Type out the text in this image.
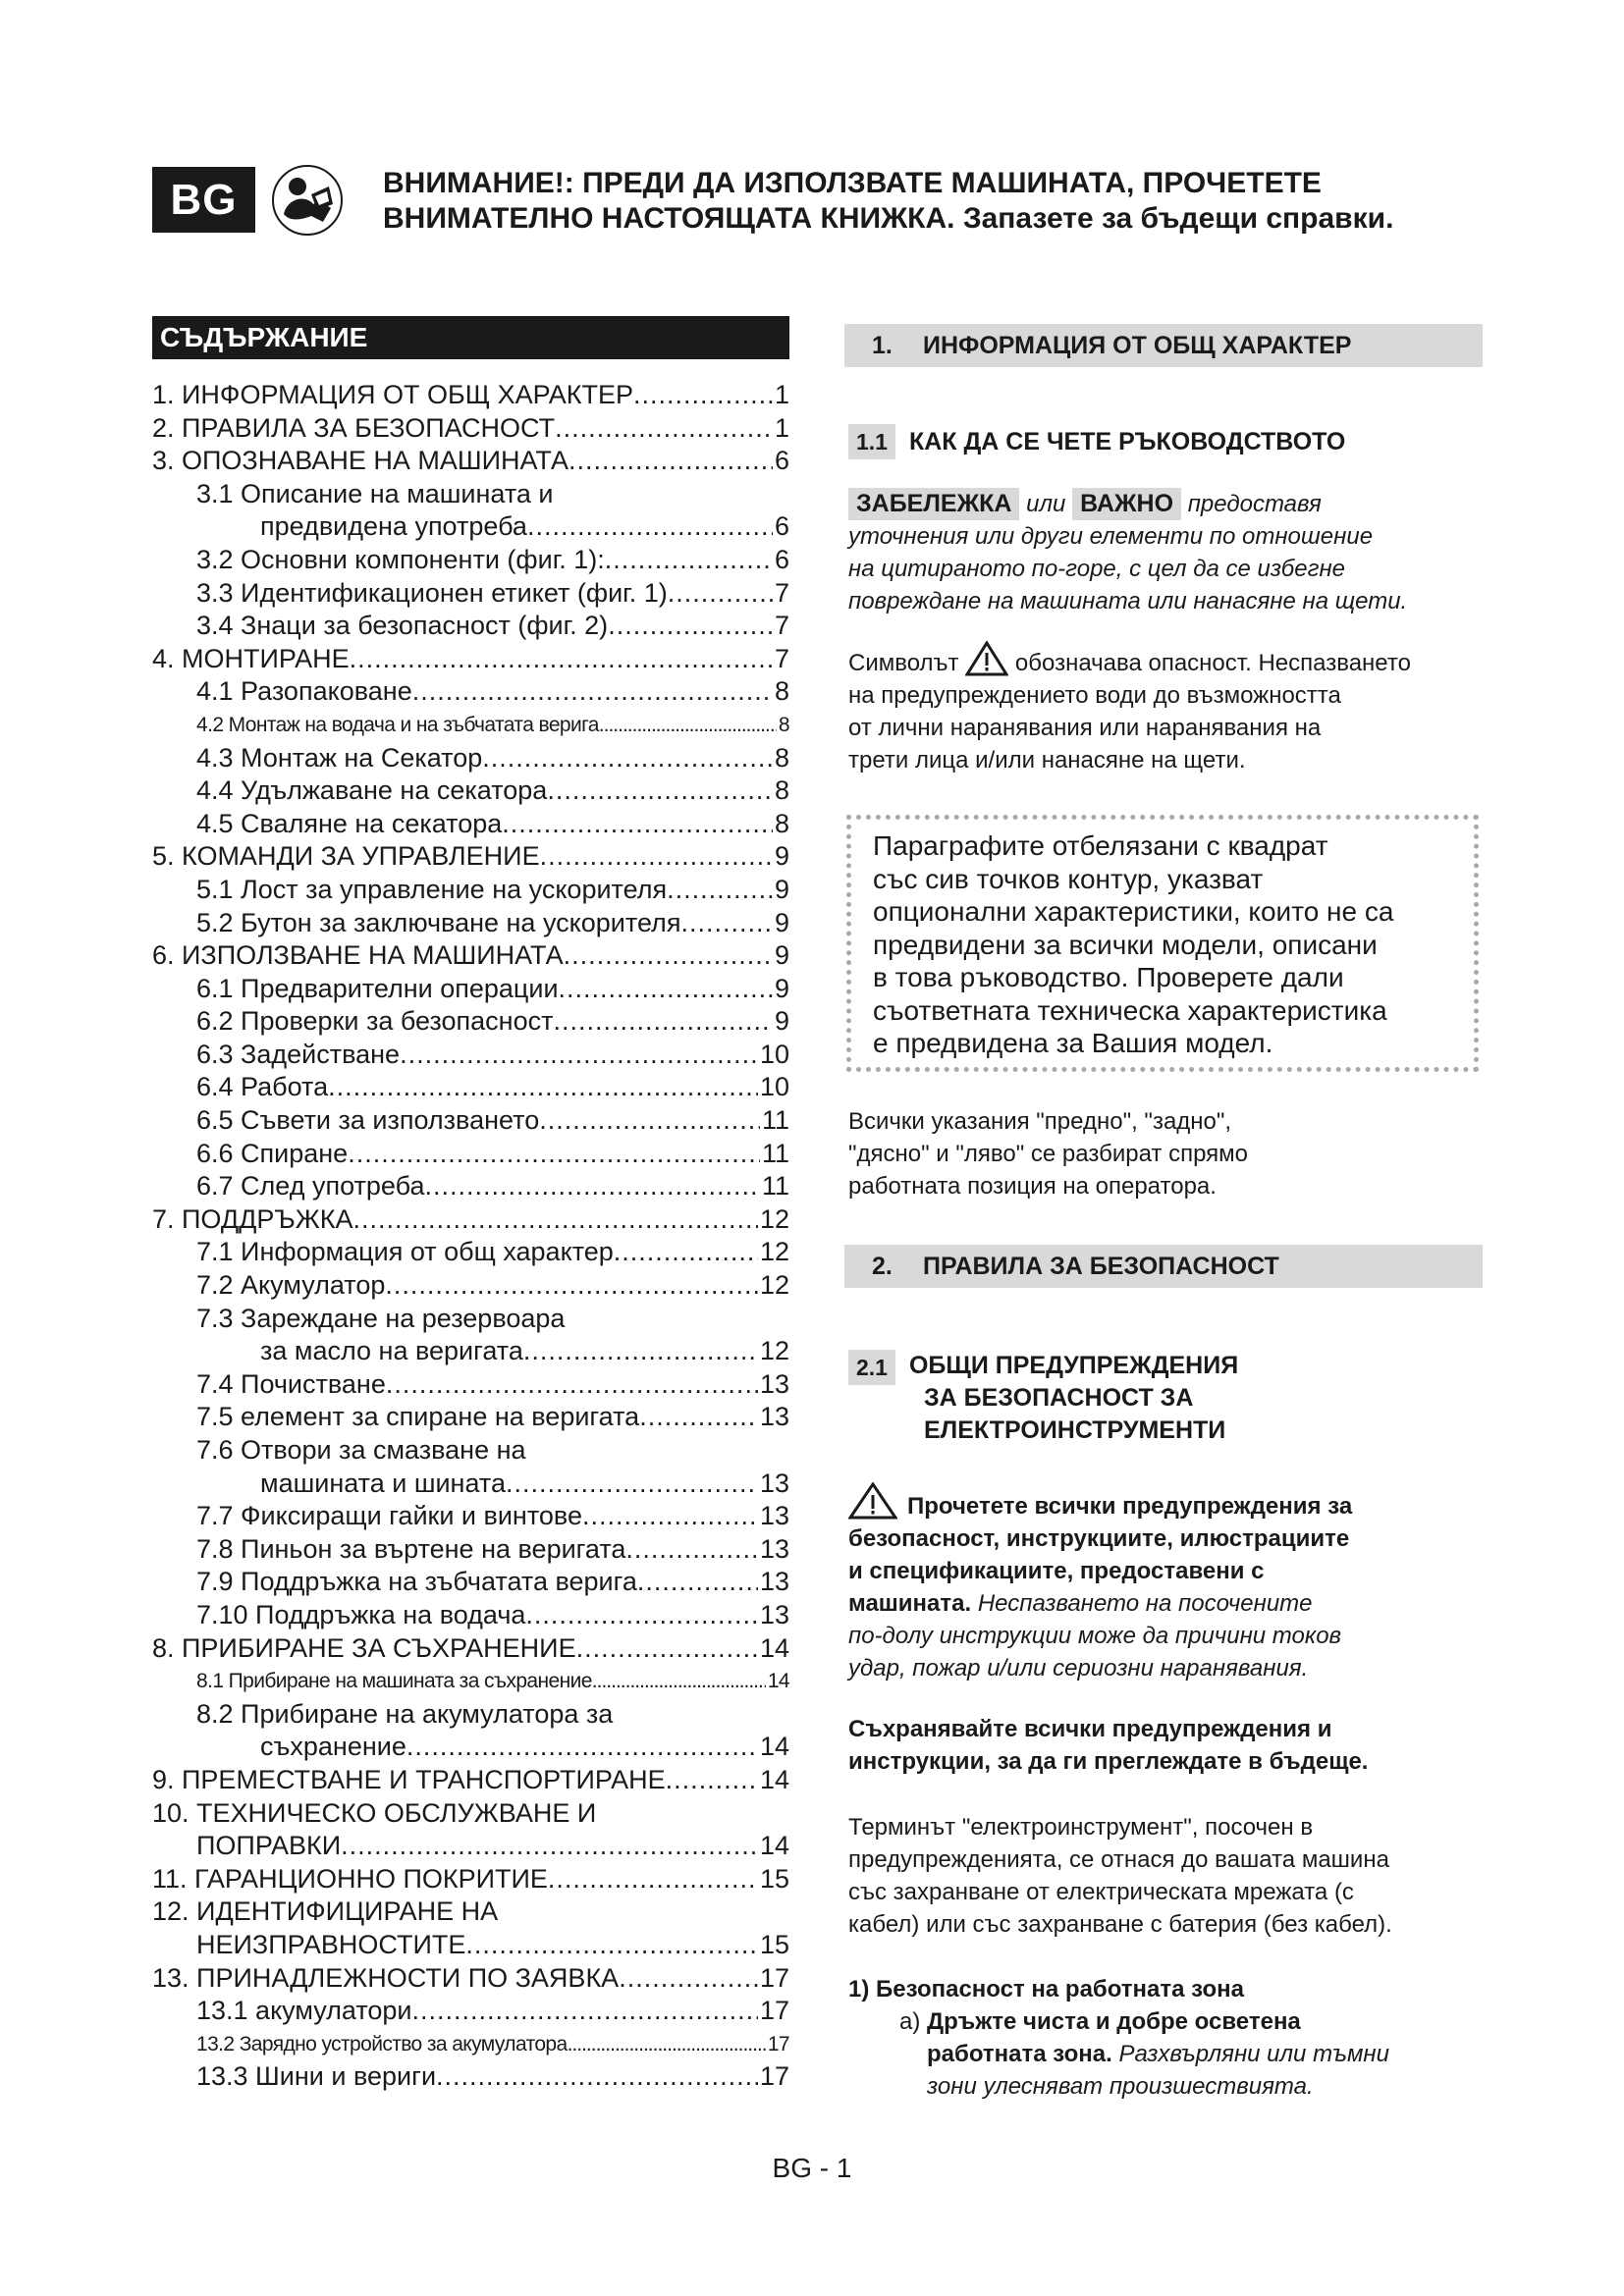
BG	ВНИМАНИЕ!: ПРЕДИ ДА ИЗПОЛЗВАТЕ МАШИНАТА, ПРОЧЕТЕТЕ
ВНИМАТЕЛНО НАСТОЯЩАТА КНИЖКА. Запазете за бъдещи справки.
СЪДЪРЖАНИЕ
1. ИНФОРМАЦИЯ ОТ ОБЩ ХАРАКТЕР .....	1
2. ПРАВИЛА ЗА БЕЗОПАСНОСТ .....	1
3. ОПОЗНАВАНЕ НА МАШИНАТА .....	6
3.1 Описание на машината и
предвидена употреба .....	6
3.2 Основни компоненти (фиг. 1): .....	6
3.3 Идентификационен етикет (фиг. 1) .....	7
3.4 Знаци за безопасност (фиг. 2) .....	7
4. МОНТИРАНЕ .....	7
4.1 Разопаковане .....	8
4.2 Монтаж на водача и на зъбчатата верига .....	8
4.3 Монтаж на Секатор .....	8
4.4 Удължаване на секатора .....	8
4.5 Сваляне на секатора .....	8
5. КОМАНДИ ЗА УПРАВЛЕНИЕ .....	9
5.1 Лост за управление на ускорителя .....	9
5.2 Бутон за заключване на ускорителя .....	9
6. ИЗПОЛЗВАНЕ НА МАШИНАТА .....	9
6.1 Предварителни операции .....	9
6.2 Проверки за безопасност .....	9
6.3 Задействане .....	10
6.4 Работа .....	10
6.5 Съвети за използването .....	11
6.6 Спиране .....	11
6.7 След употреба .....	11
7. ПОДДРЪЖКА .....	12
7.1 Информация от общ характер .....	12
7.2 Акумулатор .....	12
7.3 Зареждане на резервоара
за масло на веригата .....	12
7.4 Почистване .....	13
7.5 елемент за спиране на веригата .....	13
7.6 Отвори за смазване на
машината и шината .....	13
7.7 Фиксиращи гайки и винтове .....	13
7.8 Пиньон за въртене на веригата .....	13
7.9 Поддръжка на зъбчатата верига .....	13
7.10 Поддръжка на водача .....	13
8. ПРИБИРАНЕ ЗА СЪХРАНЕНИЕ .....	14
8.1 Прибиране на машината за съхранение .....	14
8.2 Прибиране на акумулатора за
съхранение .....	14
9. ПРЕМЕСТВАНЕ И ТРАНСПОРТИРАНЕ .....	14
10. ТЕХНИЧЕСКО ОБСЛУЖВАНЕ И
ПОПРАВКИ .....	14
11. ГАРАНЦИОННО ПОКРИТИЕ .....	15
12. ИДЕНТИФИЦИРАНЕ НА
НЕИЗПРАВНОСТИТЕ .....	15
13. ПРИНАДЛЕЖНОСТИ ПО ЗАЯВКА .....	17
13.1 акумулатори .....	17
13.2 Зарядно устройство за акумулатора .....	17
13.3 Шини и вериги .....	17
1. ИНФОРМАЦИЯ ОТ ОБЩ ХАРАКТЕР
1.1 КАК ДА СЕ ЧЕТЕ РЪКОВОДСТВОТО
ЗАБЕЛЕЖКА или ВАЖНО предоставя
уточнения или други елементи по отношение
на цитираното по-горе, с цел да се избегне
повреждане на машината или нанасяне на щети.
Символът обозначава опасност. Неспазването
на предупреждението води до възможността
от лични наранявания или наранявания на
трети лица и/или нанасяне на щети.
Параграфите отбелязани с квадрат
със сив точков контур, указват
опционални характеристики, които не са
предвидени за всички модели, описани
в това ръководство. Проверете дали
съответната техническа характеристика
е предвидена за Вашия модел.
Всички указания "предно", "задно",
"дясно" и "ляво" се разбират спрямо
работната позиция на оператора.
2. ПРАВИЛА ЗА БЕЗОПАСНОСТ
2.1 ОБЩИ ПРЕДУПРЕЖДЕНИЯ
ЗА БЕЗОПАСНОСТ ЗА
ЕЛЕКТРОИНСТРУМЕНТИ
Прочетете всички предупреждения за
безопасност, инструкциите, илюстрациите
и спецификациите, предоставени с
машината. Неспазването на посочените
по-долу инструкции може да причини токов
удар, пожар и/или сериозни наранявания.
Съхранявайте всички предупреждения и
инструкции, за да ги преглеждате в бъдеще.
Терминът "електроинструмент", посочен в
предупрежденията, се отнася до вашата машина
със захранване от електрическата мрежата (с
кабел) или със захранване с батерия (без кабел).
1) Безопасност на работната зона
a) Дръжте чиста и добре осветена
работната зона. Разхвърляни или тъмни
зони улесняват произшествията.
BG - 1
